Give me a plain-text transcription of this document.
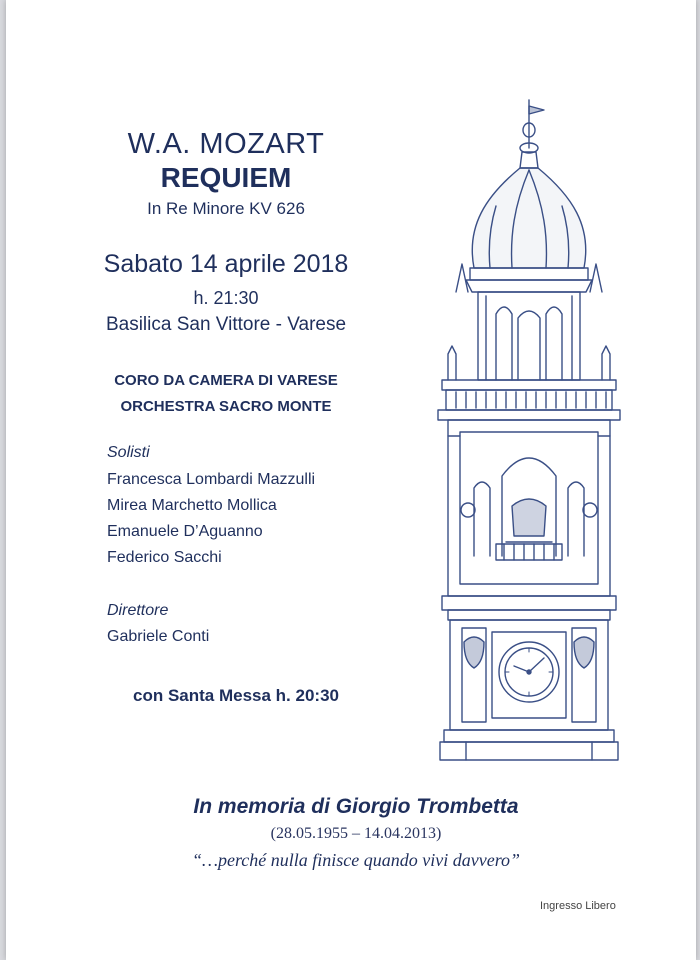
W.A. MOZART

REQUIEM

In Re Minore KV 626

Sabato 14 aprile 2018

h. 21:30

Basilica San Vittore - Varese

CORO DA CAMERA DI VARESE

ORCHESTRA SACRO MONTE

Solisti

Francesca Lombardi Mazzulli

Mirea Marchetto Mollica

Emanuele D’Aguanno

Federico Sacchi

Direttore

Gabriele Conti

con Santa Messa h. 20:30

In memoria di Giorgio Trombetta

(28.05.1955 – 14.04.2013)

“…perché nulla finisce quando vivi davvero”

Ingresso Libero
